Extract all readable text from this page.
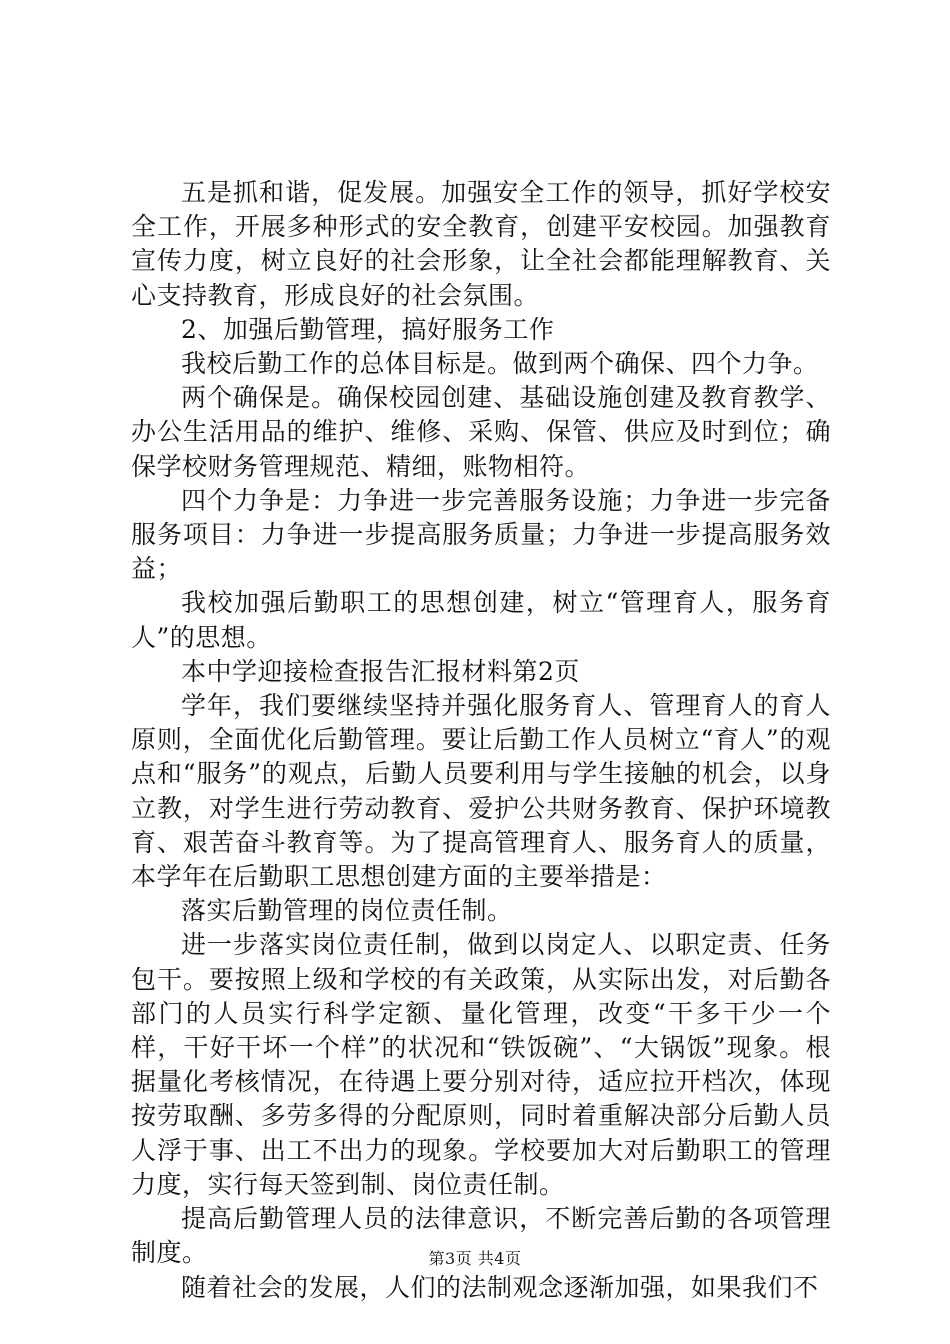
五是抓和谐，促发展。加强安全工作的领导，抓好学校安全工作，开展多种形式的安全教育，创建平安校园。加强教育宣传力度，树立良好的社会形象，让全社会都能理解教育、关心支持教育，形成良好的社会氛围。

2、加强后勤管理，搞好服务工作

我校后勤工作的总体目标是。做到两个确保、四个力争。

两个确保是。确保校园创建、基础设施创建及教育教学、办公生活用品的维护、维修、采购、保管、供应及时到位；确保学校财务管理规范、精细，账物相符。

四个力争是：力争进一步完善服务设施；力争进一步完备服务项目：力争进一步提高服务质量；力争进一步提高服务效益；

我校加强后勤职工的思想创建，树立“管理育人，服务育人”的思想。

本中学迎接检查报告汇报材料第2页

学年，我们要继续坚持并强化服务育人、管理育人的育人原则，全面优化后勤管理。要让后勤工作人员树立“育人”的观点和“服务”的观点，后勤人员要利用与学生接触的机会，以身立教，对学生进行劳动教育、爱护公共财务教育、保护环境教育、艰苦奋斗教育等。为了提高管理育人、服务育人的质量，本学年在后勤职工思想创建方面的主要举措是：

落实后勤管理的岗位责任制。

进一步落实岗位责任制，做到以岗定人、以职定责、任务包干。要按照上级和学校的有关政策，从实际出发，对后勤各部门的人员实行科学定额、量化管理，改变“干多干少一个样，干好干坏一个样”的状况和“铁饭碗”、“大锅饭”现象。根据量化考核情况，在待遇上要分别对待，适应拉开档次，体现按劳取酬、多劳多得的分配原则，同时着重解决部分后勤人员人浮于事、出工不出力的现象。学校要加大对后勤职工的管理力度，实行每天签到制、岗位责任制。

提高后勤管理人员的法律意识，不断完善后勤的各项管理制度。

随着社会的发展，人们的法制观念逐渐加强，如果我们不

第3页 共4页
